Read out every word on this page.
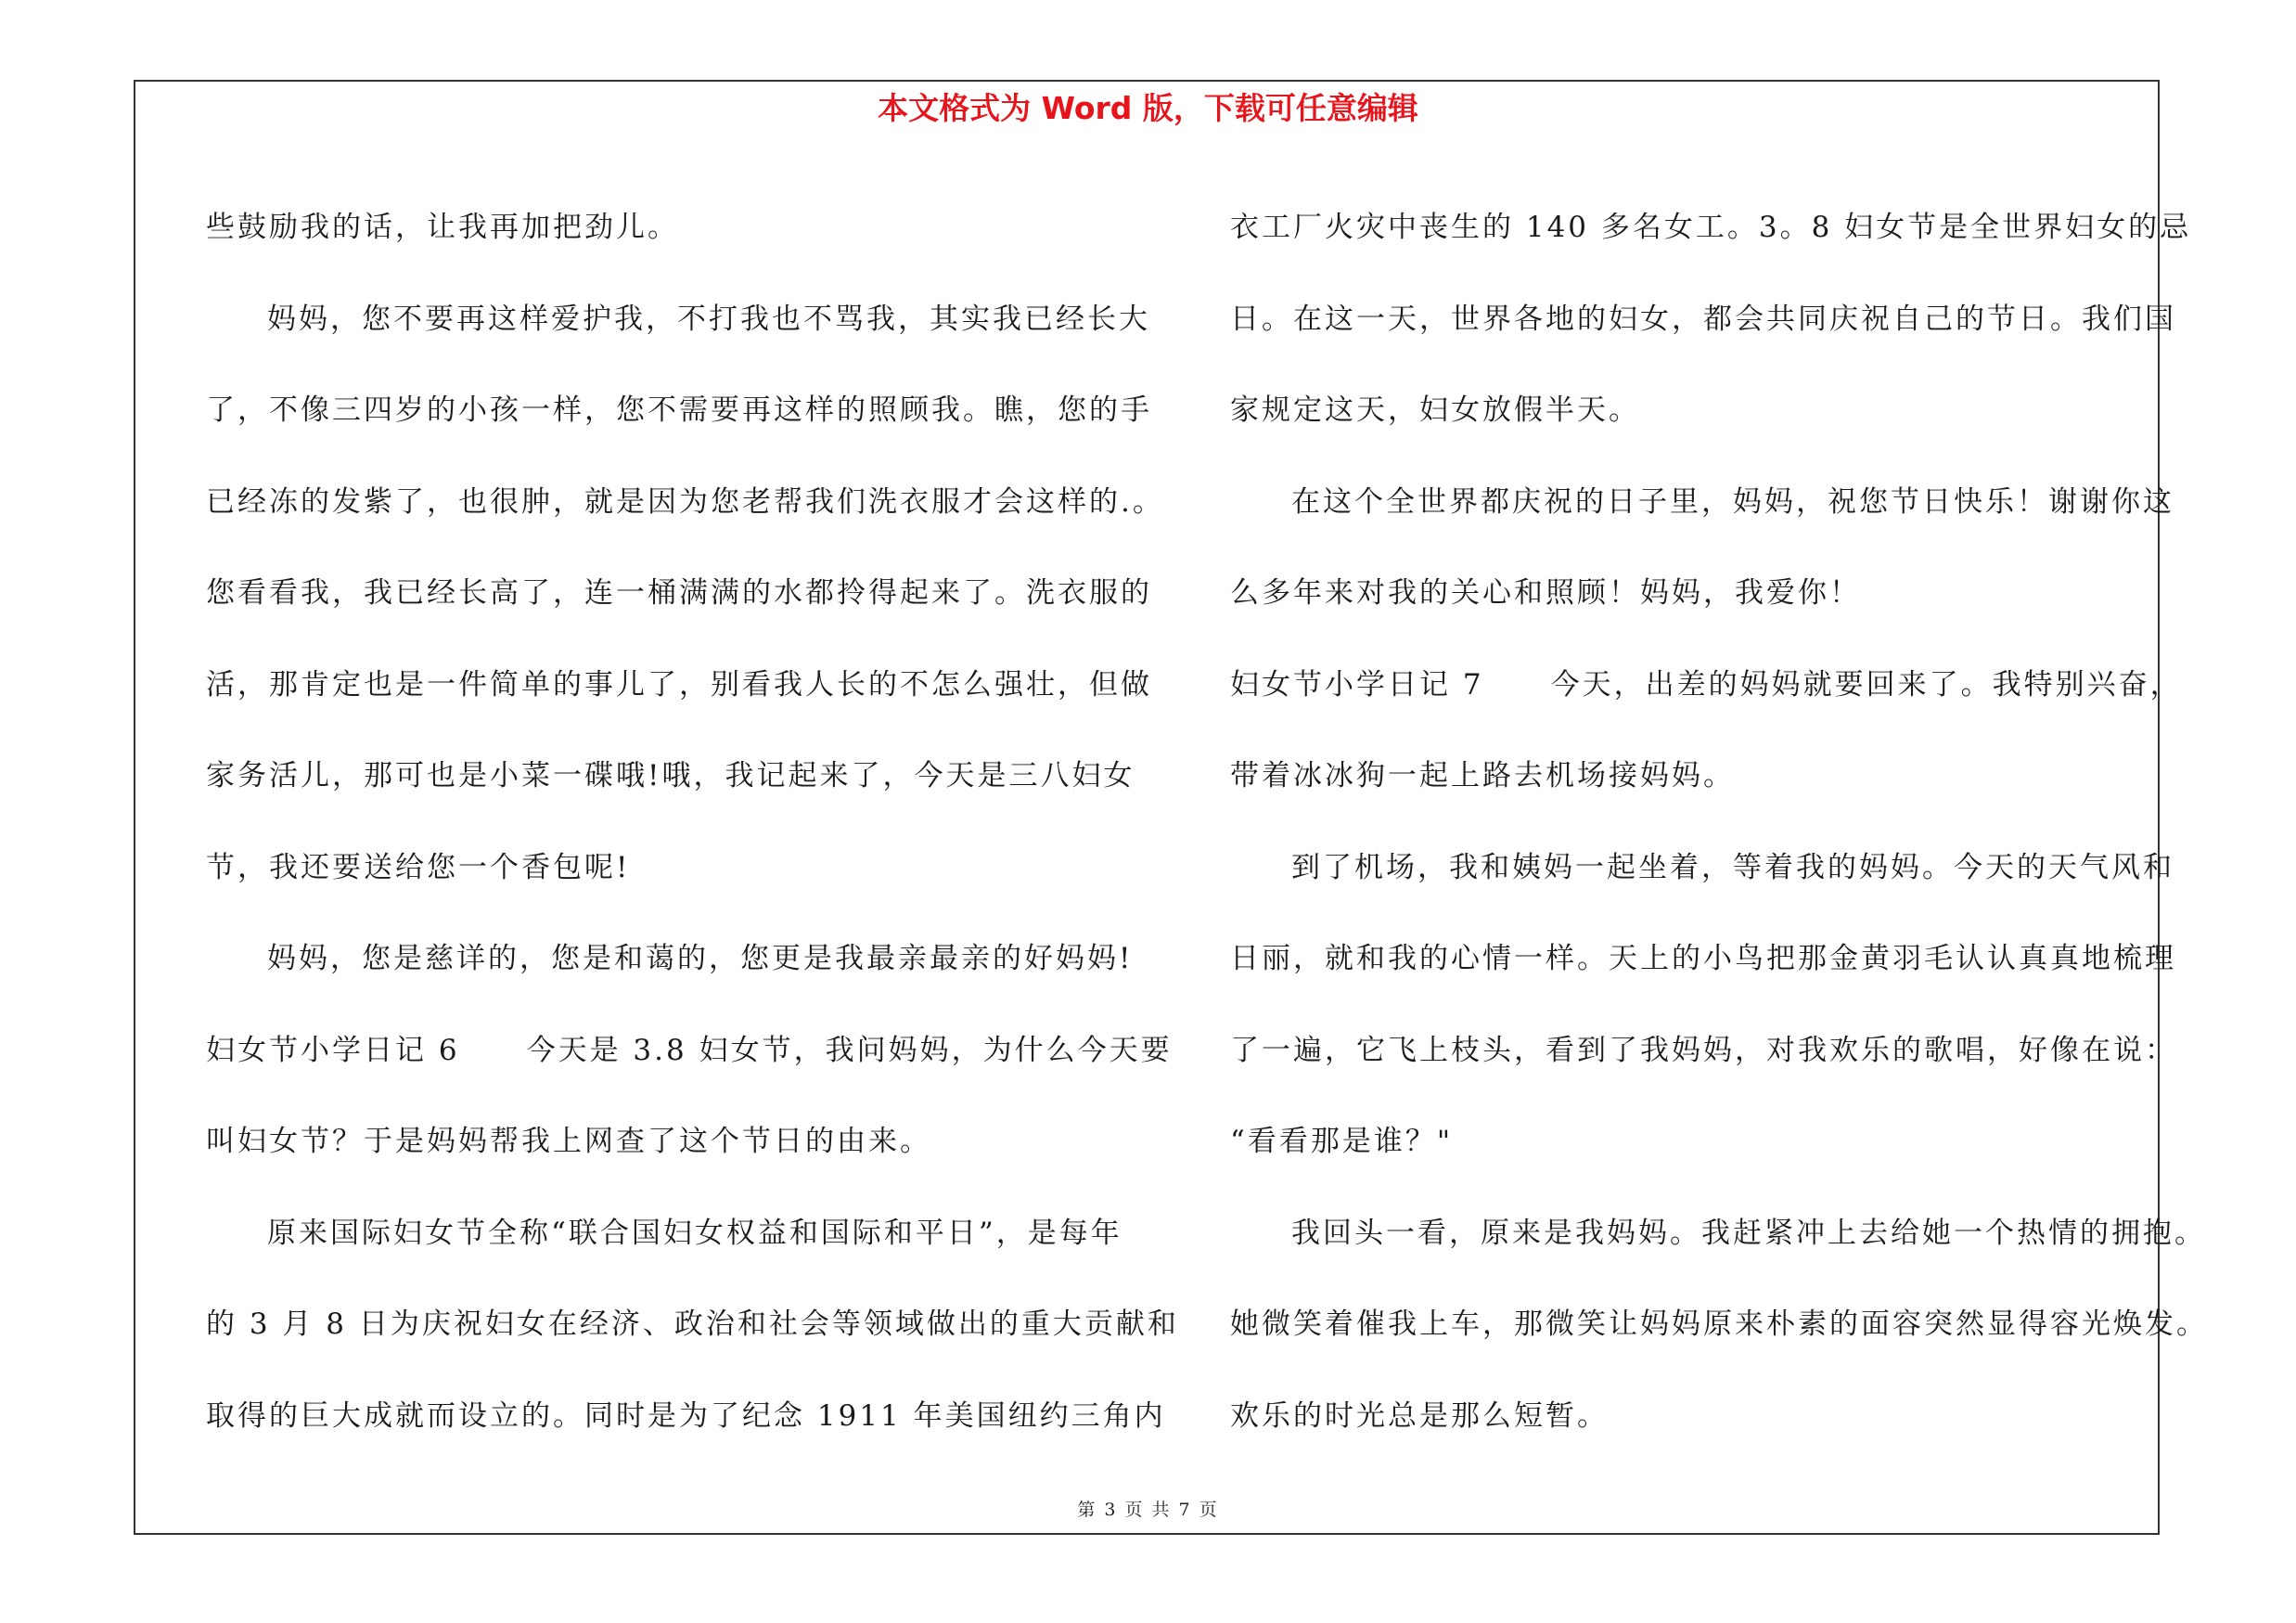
本文格式为 Word 版，下载可任意编辑
些鼓励我的话，让我再加把劲儿。
妈妈，您不要再这样爱护我，不打我也不骂我，其实我已经长大
了，不像三四岁的小孩一样，您不需要再这样的照顾我。瞧，您的手
已经冻的发紫了，也很肿，就是因为您老帮我们洗衣服才会这样的.。
您看看我，我已经长高了，连一桶满满的水都拎得起来了。洗衣服的
活，那肯定也是一件简单的事儿了，别看我人长的不怎么强壮，但做
家务活儿，那可也是小菜一碟哦!哦，我记起来了，今天是三八妇女
节，我还要送给您一个香包呢!
妈妈，您是慈详的，您是和蔼的，您更是我最亲最亲的好妈妈!
妇女节小学日记 6 今天是 3.8 妇女节，我问妈妈，为什么今天要
叫妇女节？于是妈妈帮我上网查了这个节日的由来。
原来国际妇女节全称“联合国妇女权益和国际和平日”，是每年
的 3 月 8 日为庆祝妇女在经济、政治和社会等领域做出的重大贡献和
取得的巨大成就而设立的。同时是为了纪念 1911 年美国纽约三角内
衣工厂火灾中丧生的 140 多名女工。3。8 妇女节是全世界妇女的忌
日。在这一天，世界各地的妇女，都会共同庆祝自己的节日。我们国
家规定这天，妇女放假半天。
在这个全世界都庆祝的日子里，妈妈，祝您节日快乐！谢谢你这
么多年来对我的关心和照顾！妈妈，我爱你！
妇女节小学日记 7 今天，出差的妈妈就要回来了。我特别兴奋，
带着冰冰狗一起上路去机场接妈妈。
到了机场，我和姨妈一起坐着，等着我的妈妈。今天的天气风和
日丽，就和我的心情一样。天上的小鸟把那金黄羽毛认认真真地梳理
了一遍，它飞上枝头，看到了我妈妈，对我欢乐的歌唱，好像在说：
“看看那是谁？"
我回头一看，原来是我妈妈。我赶紧冲上去给她一个热情的拥抱。
她微笑着催我上车，那微笑让妈妈原来朴素的面容突然显得容光焕发。
欢乐的时光总是那么短暂。
第 3 页 共 7 页
